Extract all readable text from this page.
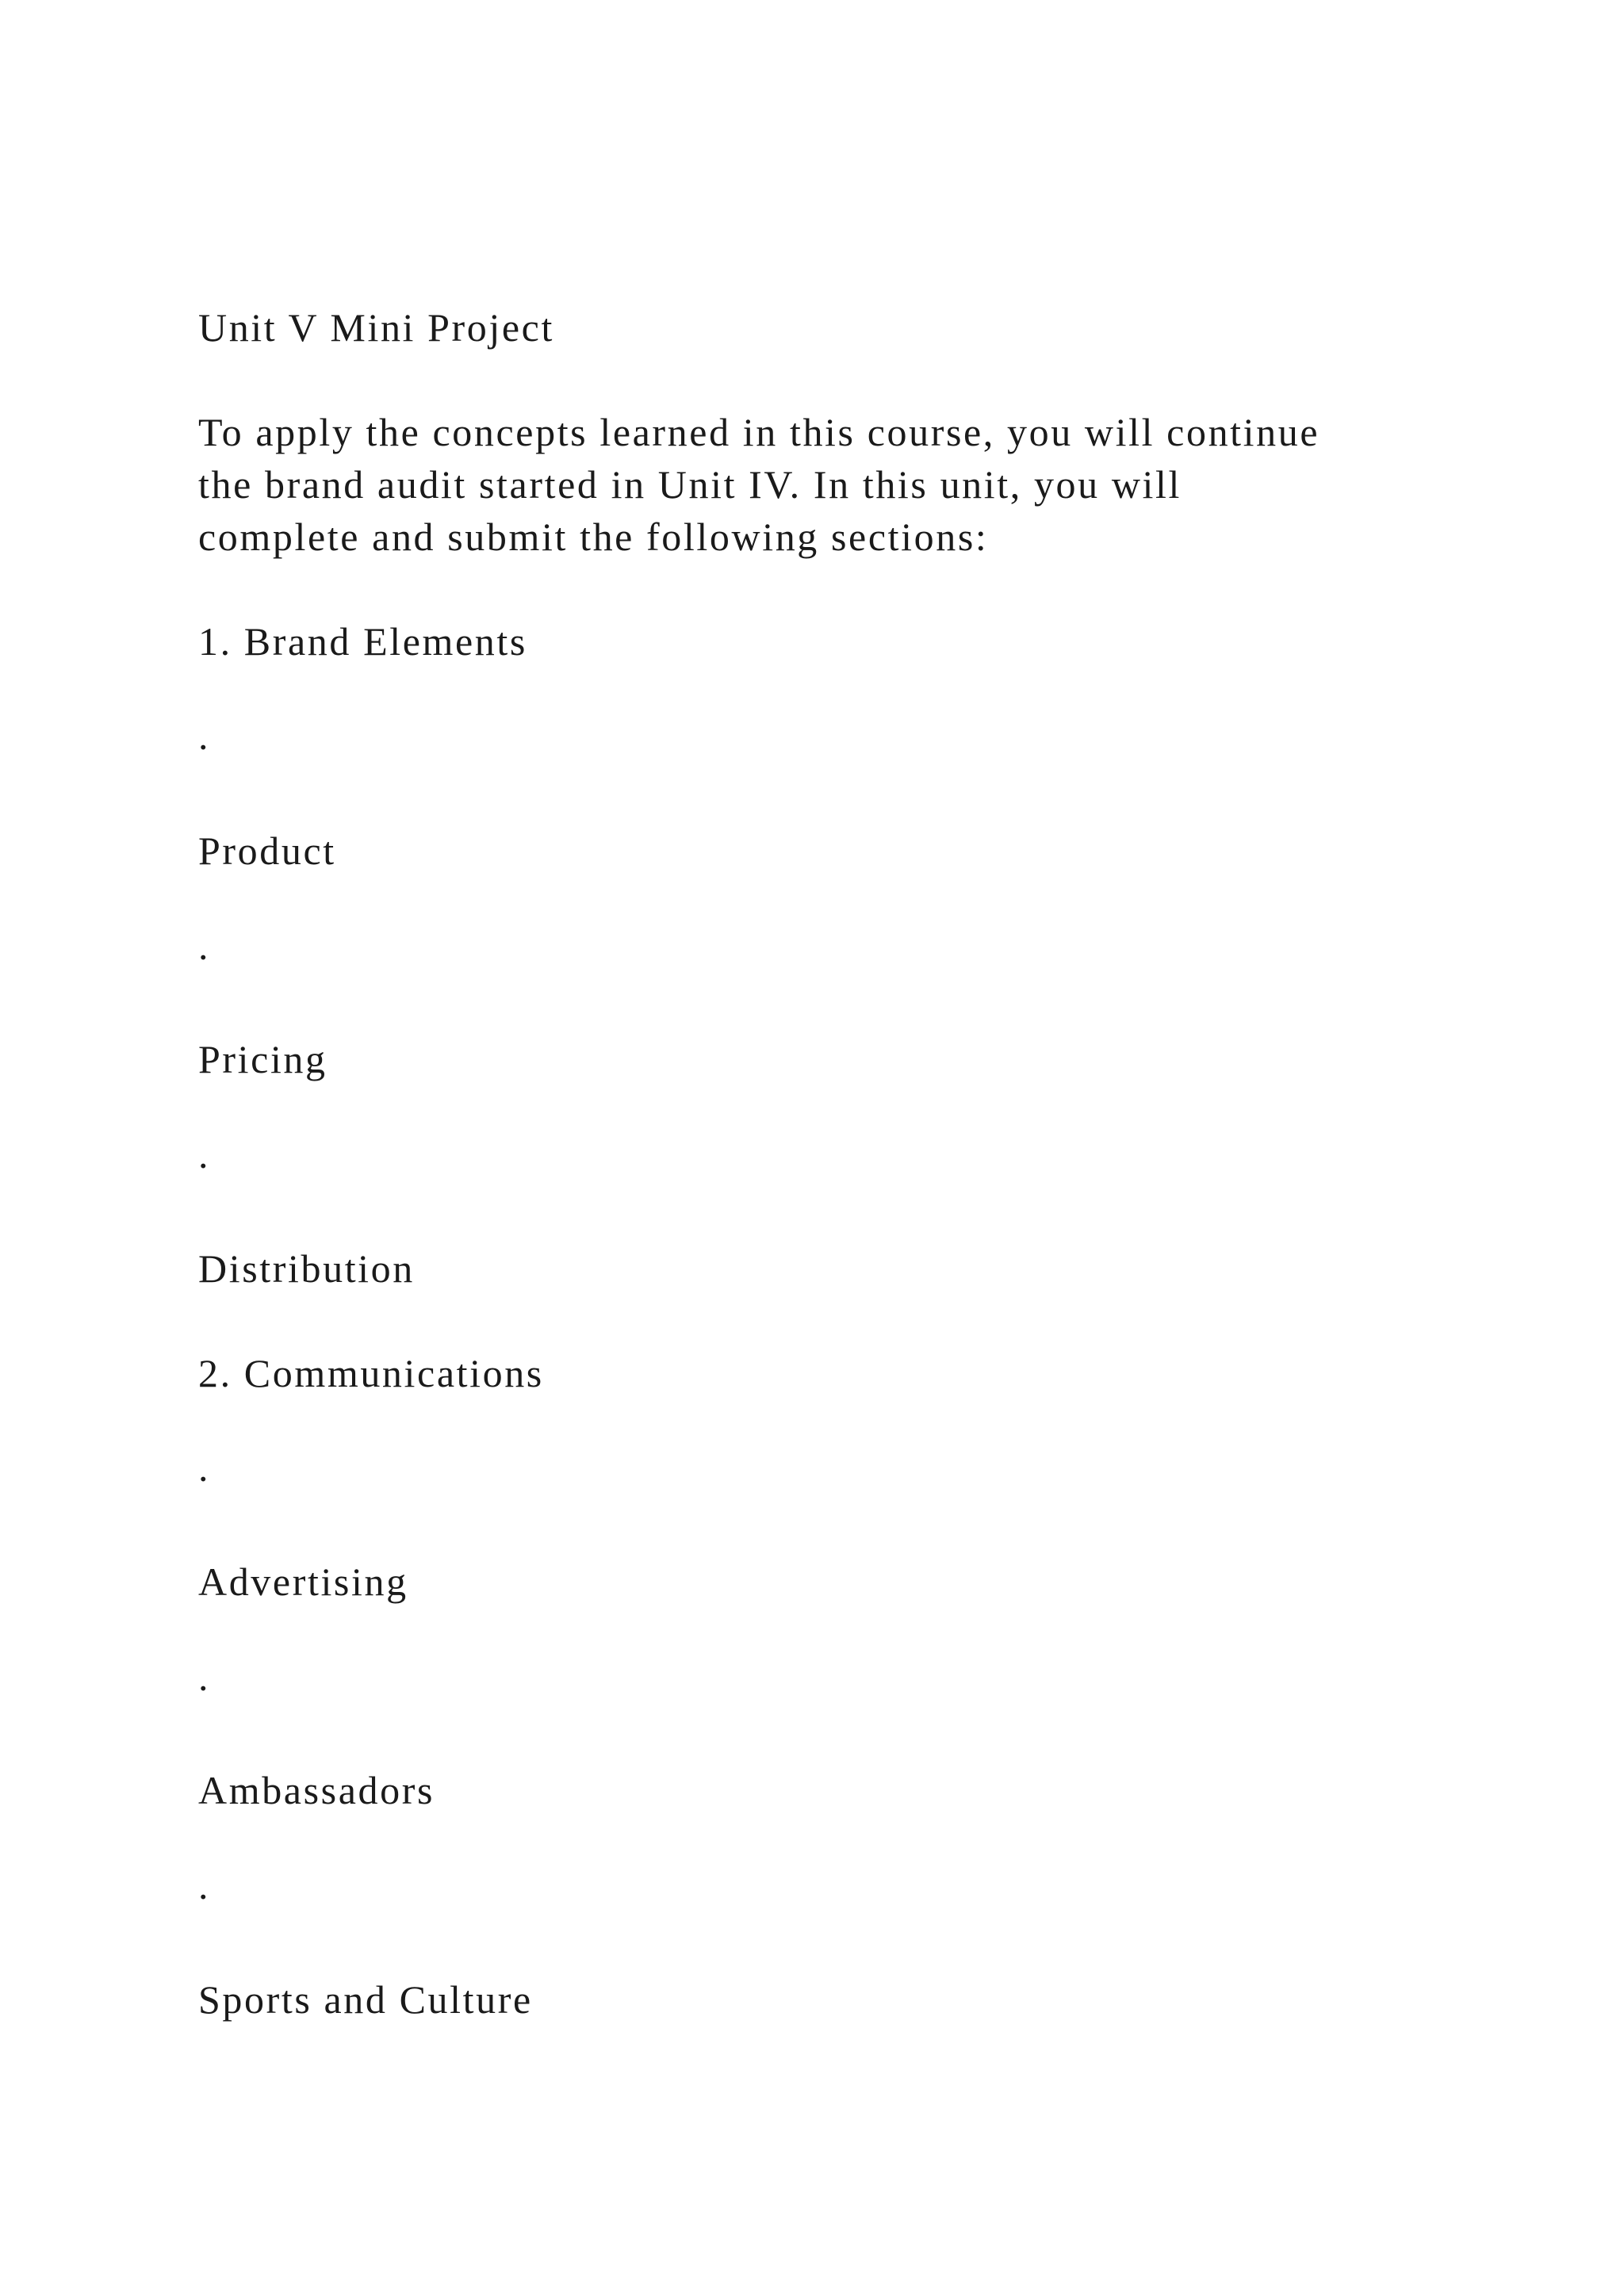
Unit V Mini Project

To apply the concepts learned in this course, you will continue
the brand audit started in Unit IV. In this unit, you will
complete and submit the following sections:

1. Brand Elements

.

Product

.

Pricing

.

Distribution

2. Communications

.

Advertising

.

Ambassadors

.

Sports and Culture
